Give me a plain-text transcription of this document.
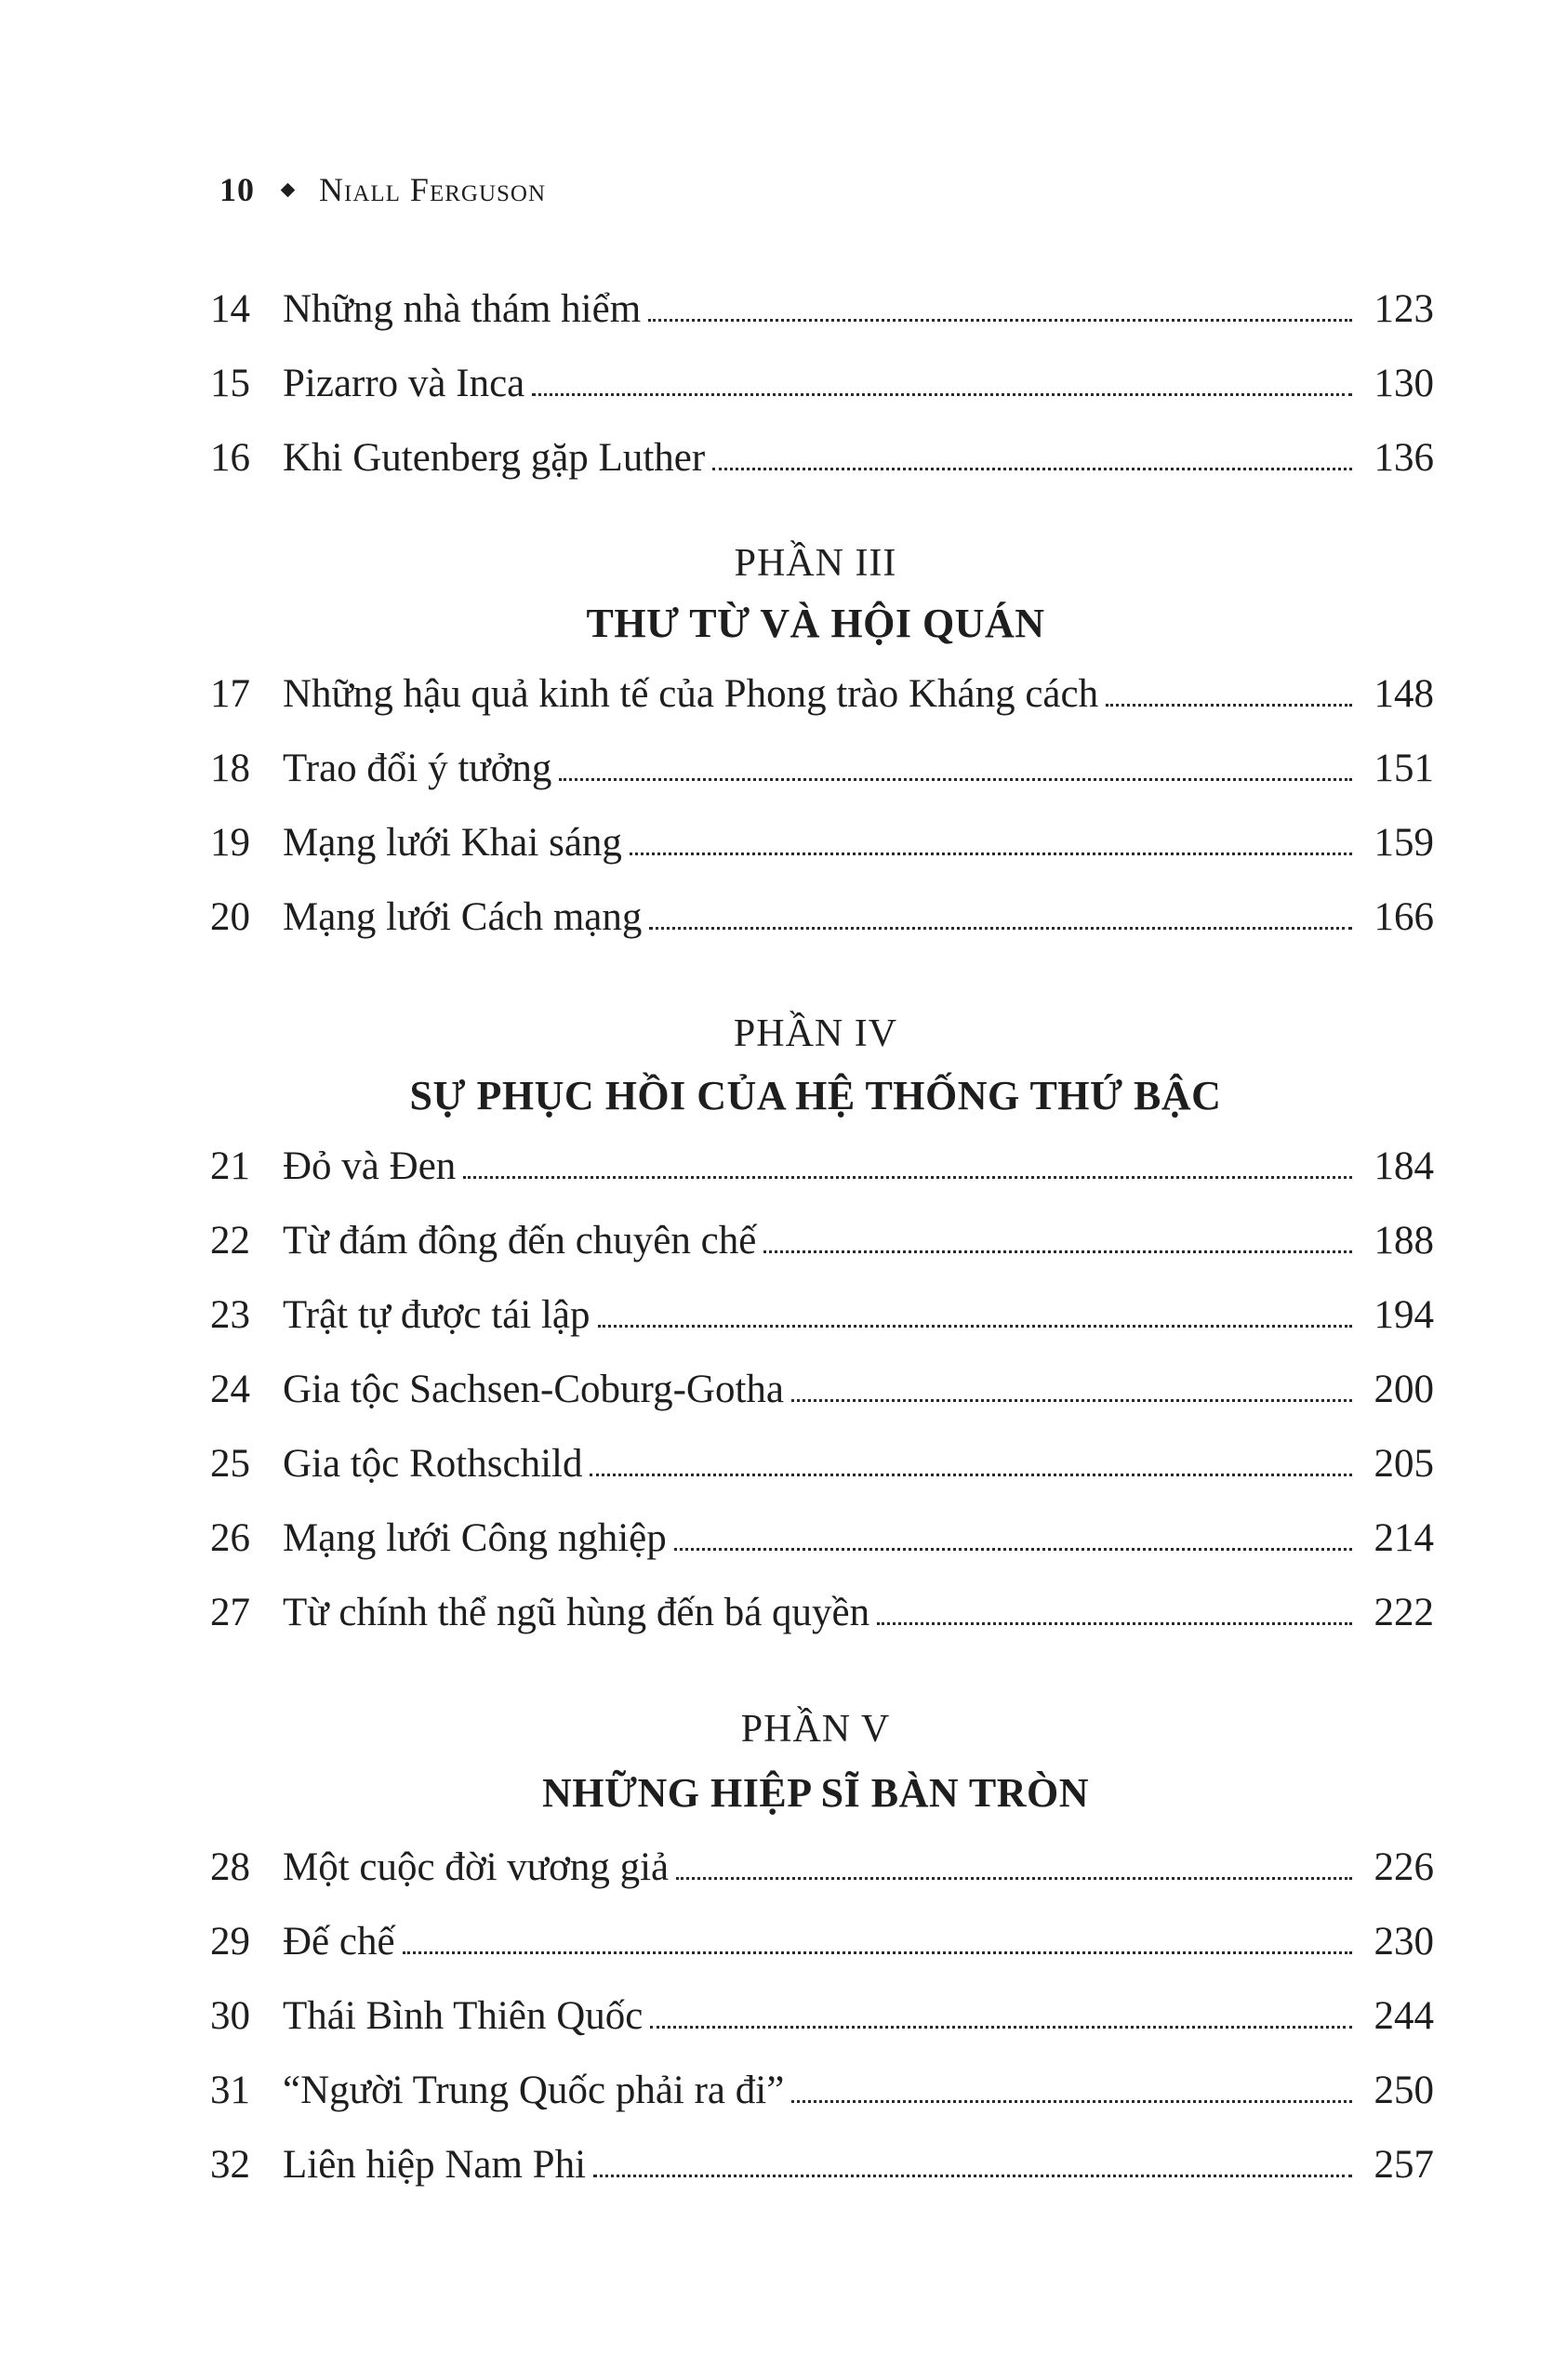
10 Niall Ferguson
14 Những nhà thám hiểm	123
15 Pizarro và Inca	130
16 Khi Gutenberg gặp Luther	136
PHẦN III
THƯ TỪ VÀ HỘI QUÁN
17 Những hậu quả kinh tế của Phong trào Kháng cách	148
18 Trao đổi ý tưởng	151
19 Mạng lưới Khai sáng	159
20 Mạng lưới Cách mạng	166
PHẦN IV
SỰ PHỤC HỒI CỦA HỆ THỐNG THỨ BẬC
21 Đỏ và Đen	184
22 Từ đám đông đến chuyên chế	188
23 Trật tự được tái lập	194
24 Gia tộc Sachsen-Coburg-Gotha	200
25 Gia tộc Rothschild	205
26 Mạng lưới Công nghiệp	214
27 Từ chính thể ngũ hùng đến bá quyền	222
PHẦN V
NHỮNG HIỆP SĨ BÀN TRÒN
28 Một cuộc đời vương giả	226
29 Đế chế	230
30 Thái Bình Thiên Quốc	244
31 “Người Trung Quốc phải ra đi”	250
32 Liên hiệp Nam Phi	257
